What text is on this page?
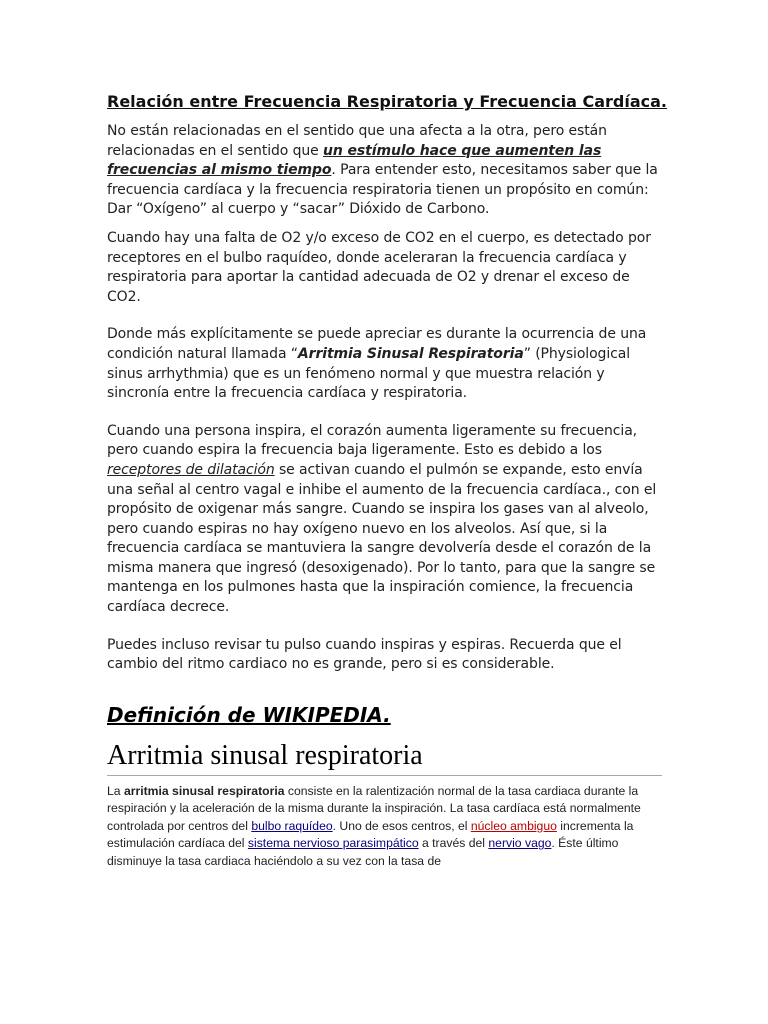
Relación entre Frecuencia Respiratoria y Frecuencia Cardíaca.

No están relacionadas en el sentido que una afecta a la otra, pero están relacionadas en el sentido que un estímulo hace que aumenten las frecuencias al mismo tiempo. Para entender esto, necesitamos saber que la frecuencia cardíaca y la frecuencia respiratoria tienen un propósito en común: Dar “Oxígeno” al cuerpo y “sacar” Dióxido de Carbono.

Cuando hay una falta de O2 y/o exceso de CO2 en el cuerpo, es detectado por receptores en el bulbo raquídeo, donde aceleraran la frecuencia cardíaca y respiratoria para aportar la cantidad adecuada de O2 y drenar el exceso de CO2.

Donde más explícitamente se puede apreciar es durante la ocurrencia de una condición natural llamada “Arritmia Sinusal Respiratoria” (Physiological sinus arrhythmia) que es un fenómeno normal y que muestra relación y sincronía entre la frecuencia cardíaca y respiratoria.

Cuando una persona inspira, el corazón aumenta ligeramente su frecuencia, pero cuando espira la frecuencia baja ligeramente. Esto es debido a los receptores de dilatación se activan cuando el pulmón se expande, esto envía una señal al centro vagal e inhibe el aumento de la frecuencia cardíaca., con el propósito de oxigenar más sangre. Cuando se inspira los gases van al alveolo, pero cuando espiras no hay oxígeno nuevo en los alveolos. Así que, si la frecuencia cardíaca se mantuviera la sangre devolvería desde el corazón de la misma manera que ingresó (desoxigenado). Por lo tanto, para que la sangre se mantenga en los pulmones hasta que la inspiración comience, la frecuencia cardíaca decrece.

Puedes incluso revisar tu pulso cuando inspiras y espiras. Recuerda que el cambio del ritmo cardiaco no es grande, pero si es considerable.

Definición de WIKIPEDIA.
Arritmia sinusal respiratoria
La arritmia sinusal respiratoria consiste en la ralentización normal de la tasa cardiaca durante la respiración y la aceleración de la misma durante la inspiración. La tasa cardíaca está normalmente controlada por centros del bulbo raquídeo. Uno de esos centros, el núcleo ambiguo incrementa la estimulación cardíaca del sistema nervioso parasimpático a través del nervio vago. Éste último disminuye la tasa cardiaca haciéndolo a su vez con la tasa de
